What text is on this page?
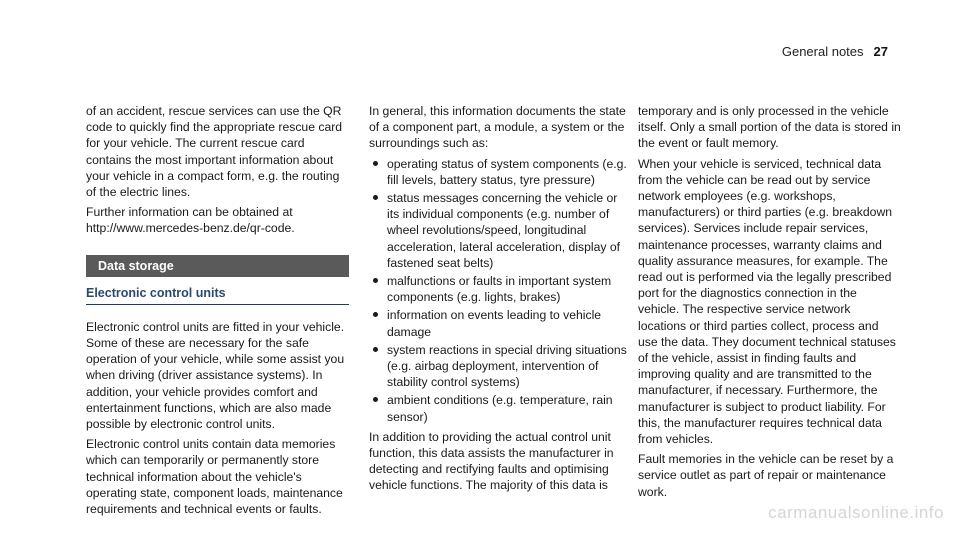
General notes 27

of an accident, rescue services can use the QR code to quickly find the appropriate rescue card for your vehicle. The current rescue card contains the most important information about your vehicle in a compact form, e.g. the routing of the electric lines.

Further information can be obtained at http://www.mercedes-benz.de/qr-code.

Data storage
Electronic control units

Electronic control units are fitted in your vehicle. Some of these are necessary for the safe operation of your vehicle, while some assist you when driving (driver assistance systems). In addition, your vehicle provides comfort and entertainment functions, which are also made possible by electronic control units.

Electronic control units contain data memories which can temporarily or permanently store technical information about the vehicle's operating state, component loads, maintenance requirements and technical events or faults.

In general, this information documents the state of a component part, a module, a system or the surroundings such as:

operating status of system components (e.g. fill levels, battery status, tyre pressure)
status messages concerning the vehicle or its individual components (e.g. number of wheel revolutions/speed, longitudinal acceleration, lateral acceleration, display of fastened seat belts)
malfunctions or faults in important system components (e.g. lights, brakes)
information on events leading to vehicle damage
system reactions in special driving situations (e.g. airbag deployment, intervention of stability control systems)
ambient conditions (e.g. temperature, rain sensor)

In addition to providing the actual control unit function, this data assists the manufacturer in detecting and rectifying faults and optimising vehicle functions. The majority of this data is

temporary and is only processed in the vehicle itself. Only a small portion of the data is stored in the event or fault memory.

When your vehicle is serviced, technical data from the vehicle can be read out by service network employees (e.g. workshops, manufacturers) or third parties (e.g. breakdown services). Services include repair services, maintenance processes, warranty claims and quality assurance measures, for example. The read out is performed via the legally prescribed port for the diagnostics connection in the vehicle. The respective service network locations or third parties collect, process and use the data. They document technical statuses of the vehicle, assist in finding faults and improving quality and are transmitted to the manufacturer, if necessary. Furthermore, the manufacturer is subject to product liability. For this, the manufacturer requires technical data from vehicles.

Fault memories in the vehicle can be reset by a service outlet as part of repair or maintenance work.

carmanualsonline.info
